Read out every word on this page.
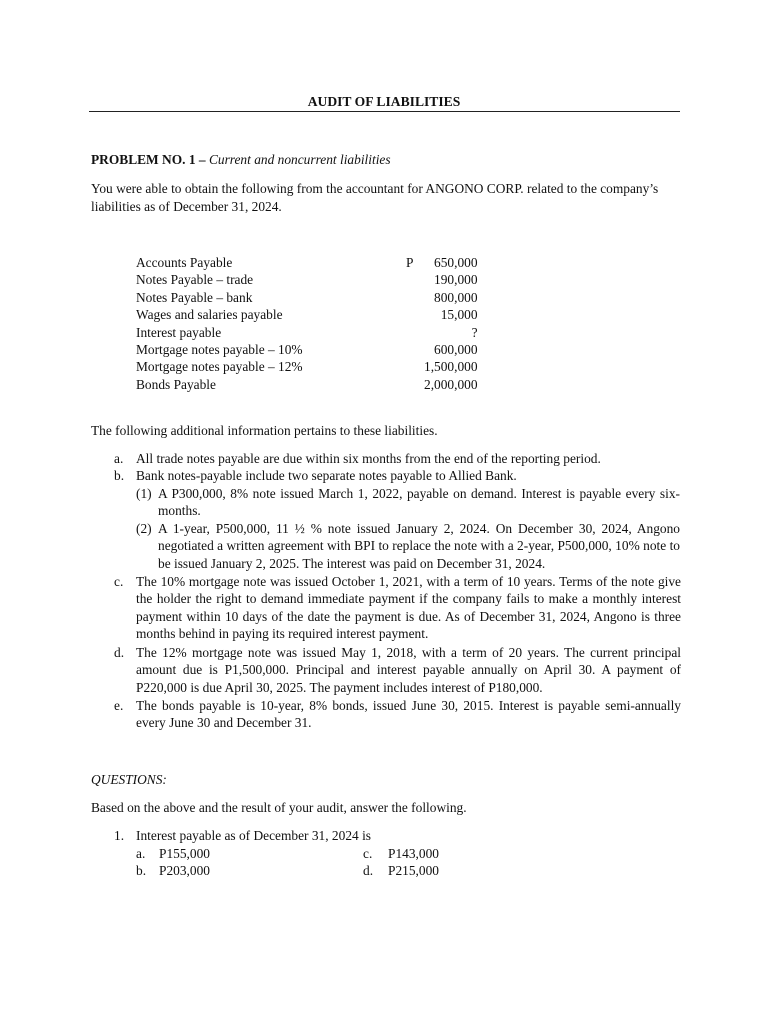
AUDIT OF LIABILITIES
PROBLEM NO. 1 – Current and noncurrent liabilities
You were able to obtain the following from the accountant for ANGONO CORP. related to the company’s liabilities as of December 31, 2024.
Accounts Payable	P	650,000
Notes Payable – trade		190,000
Notes Payable – bank		800,000
Wages and salaries payable		15,000
Interest payable		?
Mortgage notes payable – 10%		600,000
Mortgage notes payable – 12%		1,500,000
Bonds Payable		2,000,000
The following additional information pertains to these liabilities.
a. All trade notes payable are due within six months from the end of the reporting period.
b. Bank notes-payable include two separate notes payable to Allied Bank.
(1) A P300,000, 8% note issued March 1, 2022, payable on demand. Interest is payable every six-months.
(2) A 1-year, P500,000, 11 ½ % note issued January 2, 2024. On December 30, 2024, Angono negotiated a written agreement with BPI to replace the note with a 2-year, P500,000, 10% note to be issued January 2, 2025. The interest was paid on December 31, 2024.
c. The 10% mortgage note was issued October 1, 2021, with a term of 10 years. Terms of the note give the holder the right to demand immediate payment if the company fails to make a monthly interest payment within 10 days of the date the payment is due. As of December 31, 2024, Angono is three months behind in paying its required interest payment.
d. The 12% mortgage note was issued May 1, 2018, with a term of 20 years. The current principal amount due is P1,500,000. Principal and interest payable annually on April 30. A payment of P220,000 is due April 30, 2025. The payment includes interest of P180,000.
e. The bonds payable is 10-year, 8% bonds, issued June 30, 2015. Interest is payable semi-annually every June 30 and December 31.
QUESTIONS:
Based on the above and the result of your audit, answer the following.
1. Interest payable as of December 31, 2024 is
a. P155,000	c. P143,000
b. P203,000	d. P215,000
